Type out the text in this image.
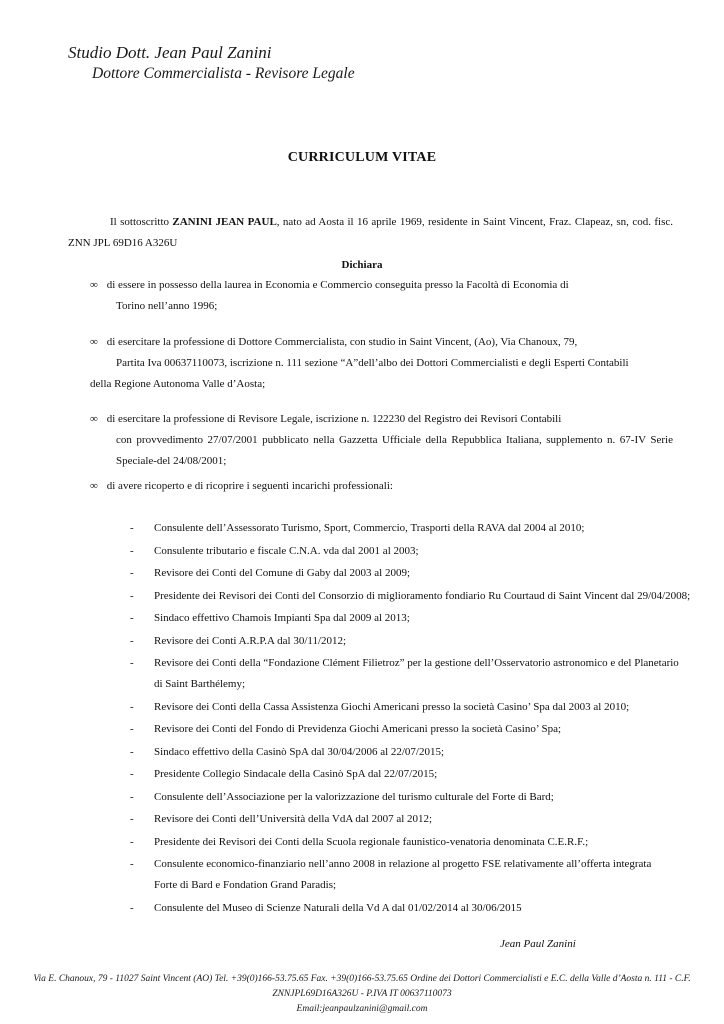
Studio Dott. Jean Paul Zanini
Dottore Commercialista - Revisore Legale
CURRICULUM VITAE
Il sottoscritto ZANINI JEAN PAUL, nato ad Aosta il 16 aprile 1969, residente in Saint Vincent, Fraz. Clapeaz, sn, cod. fisc. ZNN JPL 69D16 A326U
Dichiara
∞ di essere in possesso della laurea in Economia e Commercio conseguita presso la Facoltà di Economia di
Torino nell’anno 1996;
∞ di esercitare la professione di Dottore Commercialista, con studio in Saint Vincent, (Ao), Via Chanoux, 79,
Partita Iva 00637110073, iscrizione n. 111 sezione “A”dell’albo dei Dottori Commercialisti e degli Esperti Contabili
della Regione Autonoma Valle d’Aosta;
∞ di esercitare la professione di Revisore Legale, iscrizione n. 122230 del Registro dei Revisori Contabili
con provvedimento 27/07/2001 pubblicato nella Gazzetta Ufficiale della Repubblica Italiana, supplemento n. 67-IV Serie Speciale-del 24/08/2001;
∞ di avere ricoperto e di ricoprire i seguenti incarichi professionali:
- Consulente dell’Assessorato Turismo, Sport, Commercio, Trasporti della RAVA dal 2004 al 2010;
- Consulente tributario e fiscale C.N.A. vda dal 2001 al 2003;
- Revisore dei Conti del Comune di Gaby dal 2003 al 2009;
- Presidente dei Revisori dei Conti del Consorzio di miglioramento fondiario Ru Courtaud di Saint Vincent dal 29/04/2008;
- Sindaco effettivo Chamois Impianti Spa dal 2009 al 2013;
- Revisore dei Conti A.R.P.A dal 30/11/2012;
- Revisore dei Conti della “Fondazione Clément Filietroz” per la gestione dell’Osservatorio astronomico e del Planetario
di Saint Barthélemy;
- Revisore dei Conti della Cassa Assistenza Giochi Americani presso la società Casino’ Spa dal 2003 al 2010;
- Revisore dei Conti del Fondo di Previdenza Giochi Americani presso la società Casino’ Spa;
- Sindaco effettivo della Casinò SpA dal 30/04/2006 al 22/07/2015;
- Presidente Collegio Sindacale della Casinò SpA dal 22/07/2015;
- Consulente dell’Associazione per la valorizzazione del turismo culturale del Forte di Bard;
- Revisore dei Conti dell’Università della VdA dal 2007 al 2012;
- Presidente dei Revisori dei Conti della Scuola regionale faunistico-venatoria denominata C.E.R.F.;
- Consulente economico-finanziario nell’anno 2008 in relazione al progetto FSE relativamente all’offerta integrata
Forte di Bard e Fondation Grand Paradis;
- Consulente del Museo di Scienze Naturali della Vd A dal 01/02/2014 al 30/06/2015
Jean Paul Zanini
Via E. Chanoux, 79 - 11027 Saint Vincent (AO) Tel. +39(0)166-53.75.65 Fax. +39(0)166-53.75.65 Ordine dei Dottori Commercialisti e E.C. della Valle d’Aosta n. 111 - C.F.
ZNNJPL69D16A326U - P.IVA IT 00637110073
Email:jeanpaulzanini@gmail.com
